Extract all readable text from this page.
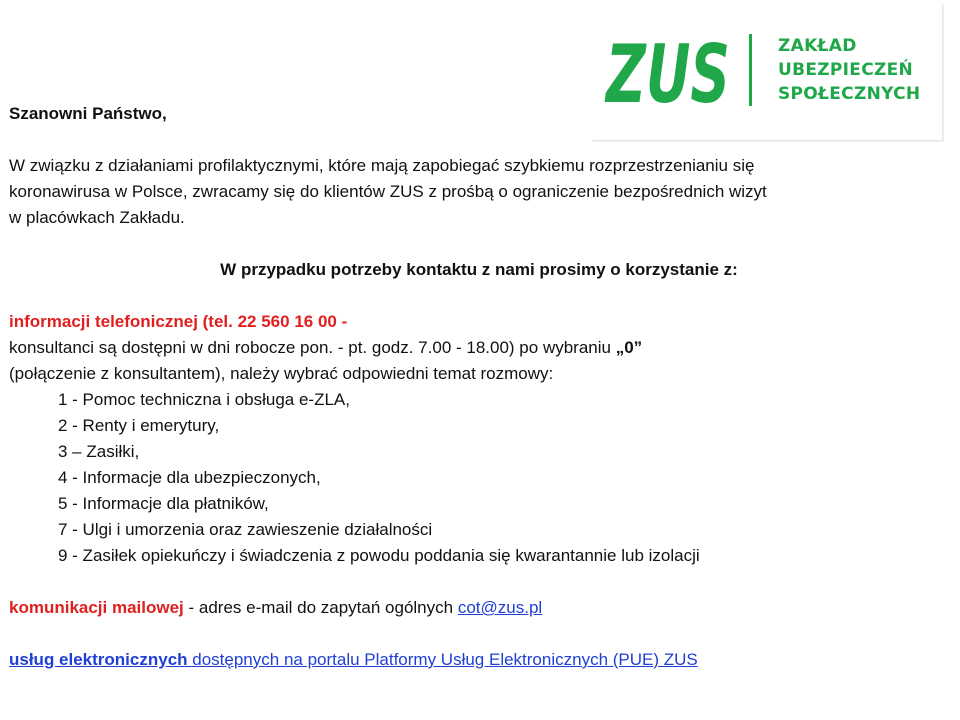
ZUS	ZAKŁAD
UBEZPIECZEŃ
SPOŁECZNYCH
Szanowni Państwo,
W związku z działaniami profilaktycznymi, które mają zapobiegać szybkiemu rozprzestrzenianiu się
koronawirusa w Polsce, zwracamy się do klientów ZUS z prośbą o ograniczenie bezpośrednich wizyt
w placówkach Zakładu.
W przypadku potrzeby kontaktu z nami prosimy o korzystanie z:
informacji telefonicznej (tel. 22 560 16 00 -
konsultanci są dostępni w dni robocze pon. - pt. godz. 7.00 - 18.00) po wybraniu „0”
(połączenie z konsultantem), należy wybrać odpowiedni temat rozmowy:
1 - Pomoc techniczna i obsługa e-ZLA,
2 - Renty i emerytury,
3 – Zasiłki,
4 - Informacje dla ubezpieczonych,
5 - Informacje dla płatników,
7 - Ulgi i umorzenia oraz zawieszenie działalności
9 - Zasiłek opiekuńczy i świadczenia z powodu poddania się kwarantannie lub izolacji
komunikacji mailowej - adres e-mail do zapytań ogólnych cot@zus.pl
usług elektronicznych dostępnych na portalu Platformy Usług Elektronicznych (PUE) ZUS
